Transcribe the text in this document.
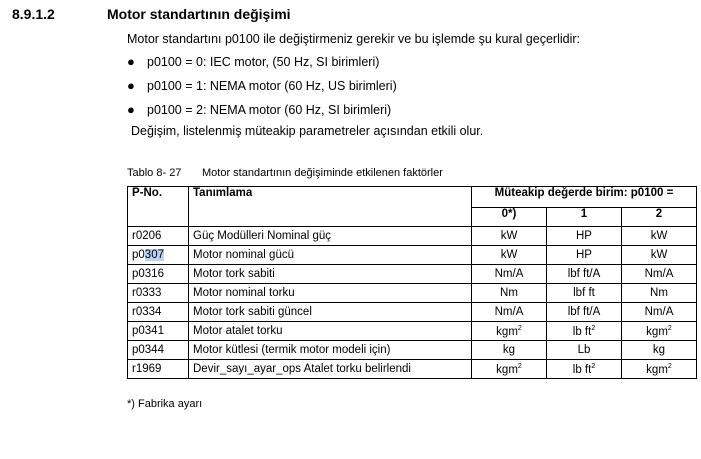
8.9.1.2	Motor standartının değişimi
Motor standartını p0100 ile değiştirmeniz gerekir ve bu işlemde şu kural geçerlidir:
● p0100 = 0: IEC motor, (50 Hz, SI birimleri)
● p0100 = 1: NEMA motor (60 Hz, US birimleri)
● p0100 = 2: NEMA motor (60 Hz, SI birimleri)
Değişim, listelenmiş müteakip parametreler açısından etkili olur.
Tablo 8- 27 Motor standartının değişiminde etkilenen faktörler
P-No.	Tanımlama	Müteakip değerde birim: p0100 =		
		0*)	1	2
r0206	Güç Modülleri Nominal güç	kW	HP	kW
p0307	Motor nominal gücü	kW	HP	kW
p0316	Motor tork sabiti	Nm/A	lbf ft/A	Nm/A
r0333	Motor nominal torku	Nm	lbf ft	Nm
r0334	Motor tork sabiti güncel	Nm/A	lbf ft/A	Nm/A
p0341	Motor atalet torku	kgm$^2$	lb $ft^2$	kgm$^2$
p0344	Motor kütlesi (termik motor modeli için)	kg	Lb	kg
r1969	Devir_sayı_ayar_ops Atalet torku belirlendi	kgm$^2$	lb $ft^2$	kgm$^2$
*) Fabrika ayarı
